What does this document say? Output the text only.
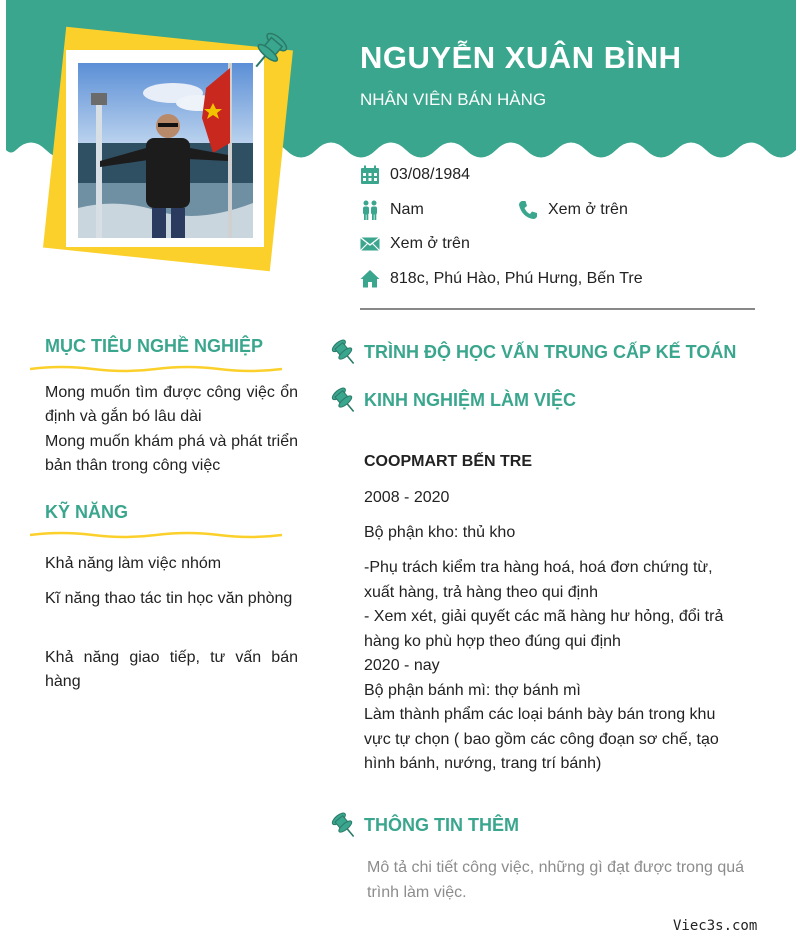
NGUYỄN XUÂN BÌNH
NHÂN VIÊN BÁN HÀNG
03/08/1984
Nam	Xem ở trên
Xem ở trên
818c, Phú Hào, Phú Hưng, Bến Tre
MỤC TIÊU NGHỀ NGHIỆP
Mong muốn tìm được công việc ổn định và gắn bó lâu dài
Mong muốn khám phá và phát triển bản thân trong công việc
KỸ NĂNG
Khả năng làm việc nhóm
Kĩ năng thao tác tin học văn phòng
Khả năng giao tiếp, tư vấn bán hàng
TRÌNH ĐỘ HỌC VẤN TRUNG CẤP KẾ TOÁN
KINH NGHIỆM LÀM VIỆC
COOPMART BẾN TRE
2008 - 2020
Bộ phận kho: thủ kho
-Phụ trách kiểm tra hàng hoá, hoá đơn chứng từ, xuất hàng, trả hàng theo qui định
- Xem xét, giải quyết các mã hàng hư hỏng, đổi trả hàng ko phù hợp theo đúng qui định
2020 - nay
Bộ phận bánh mì: thợ bánh mì
Làm thành phẩm các loại bánh bày bán trong khu vực tự chọn ( bao gồm các công đoạn sơ chế, tạo hình bánh, nướng, trang trí bánh)
THÔNG TIN THÊM
Mô tả chi tiết công việc, những gì đạt được trong quá trình làm việc.
Viec3s.com
